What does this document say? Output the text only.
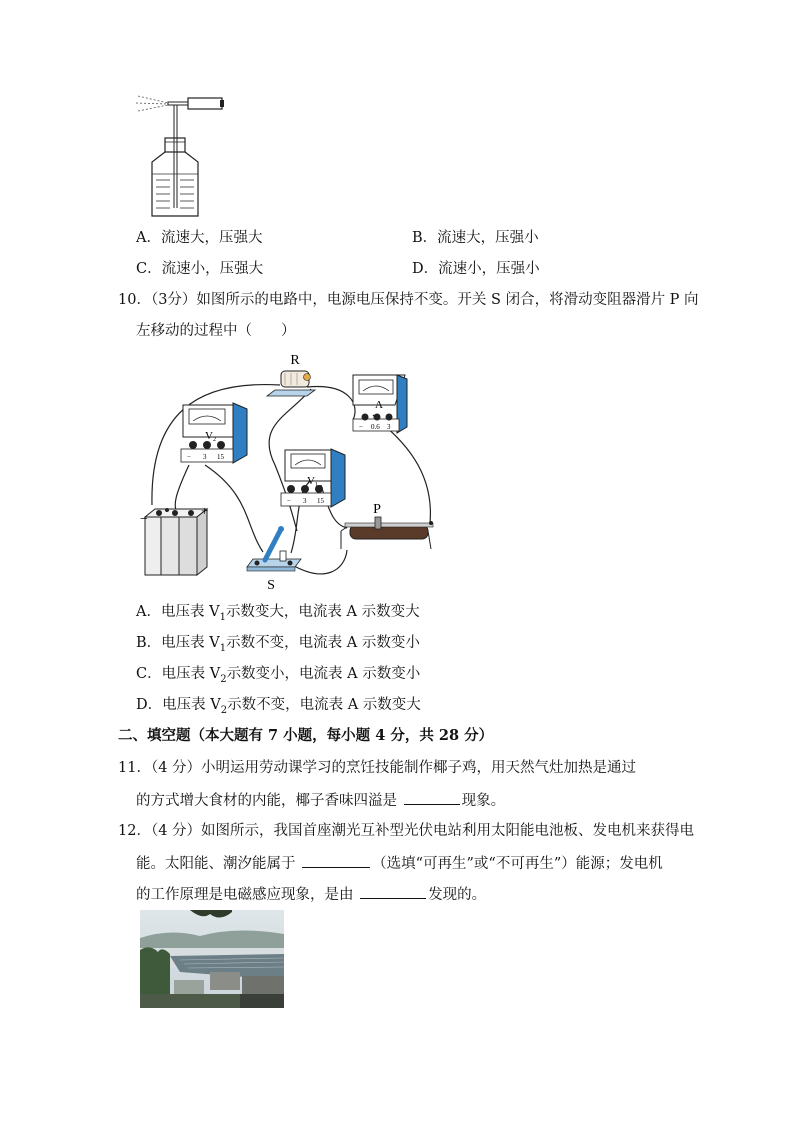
A．流速大，压强大	B．流速大，压强小
C．流速小，压强大	D．流速小，压强小
10．（3分）如图所示的电路中，电源电压保持不变。开关 S 闭合，将滑动变阻器滑片 P 向
左移动的过程中（　　）
R
A
− 0.6 3
V 2
− 3 15
V 1
− 3 15
P
−
+
S
A．电压表 $V_1$示数变大，电流表 A 示数变大
B．电压表 $V_1$示数不变，电流表 A 示数变小
C．电压表 $V_2$示数变小，电流表 A 示数变小
D．电压表 $V_2$示数不变，电流表 A 示数变大
二、填空题（本大题有 7 小题，每小题 4 分，共 28 分）
11．（4 分）小明运用劳动课学习的烹饪技能制作椰子鸡，用天然气灶加热是通过
的方式增大食材的内能，椰子香味四溢是	现象。
12．（4 分）如图所示，我国首座潮光互补型光伏电站利用太阳能电池板、发电机来获得电
能。太阳能、潮汐能属于	（选填“可再生”或“不可再生”）能源；发电机
的工作原理是电磁感应现象，是由	发现的。
